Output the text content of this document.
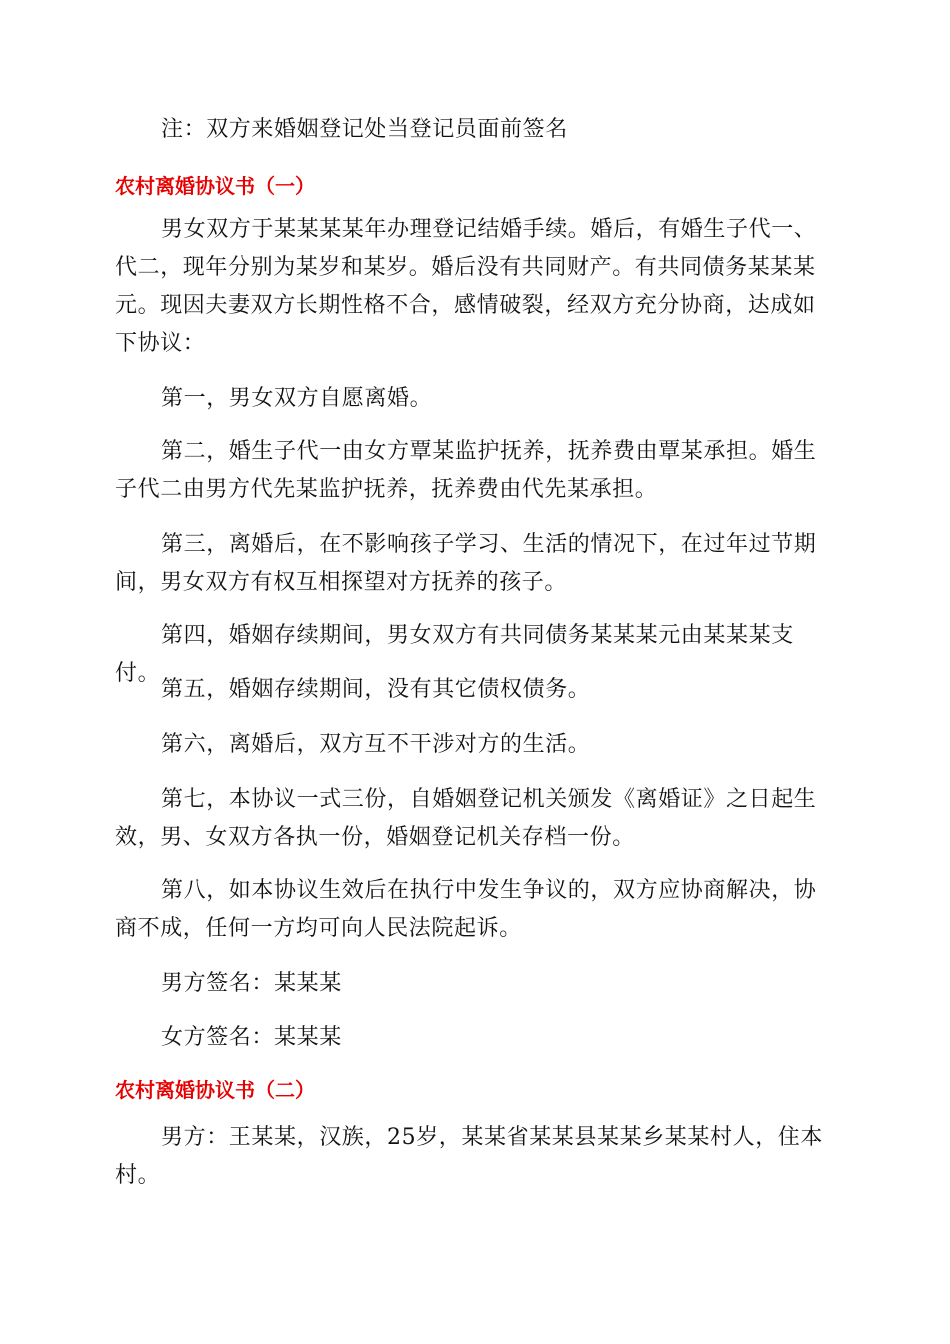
注：双方来婚姻登记处当登记员面前签名

农村离婚协议书（一）

男女双方于某某某某年办理登记结婚手续。婚后，有婚生子代一、代二，现年分别为某岁和某岁。婚后没有共同财产。有共同债务某某某元。现因夫妻双方长期性格不合，感情破裂，经双方充分协商，达成如下协议：

第一，男女双方自愿离婚。

第二，婚生子代一由女方覃某监护抚养，抚养费由覃某承担。婚生子代二由男方代先某监护抚养，抚养费由代先某承担。

第三，离婚后，在不影响孩子学习、生活的情况下，在过年过节期间，男女双方有权互相探望对方抚养的孩子。

第四，婚姻存续期间，男女双方有共同债务某某某元由某某某支付。

第五，婚姻存续期间，没有其它债权债务。

第六，离婚后，双方互不干涉对方的生活。

第七，本协议一式三份，自婚姻登记机关颁发《离婚证》之日起生效，男、女双方各执一份，婚姻登记机关存档一份。

第八，如本协议生效后在执行中发生争议的，双方应协商解决，协商不成，任何一方均可向人民法院起诉。

男方签名：某某某

女方签名：某某某

农村离婚协议书（二）

男方：王某某，汉族，25岁，某某省某某县某某乡某某村人，住本村。
